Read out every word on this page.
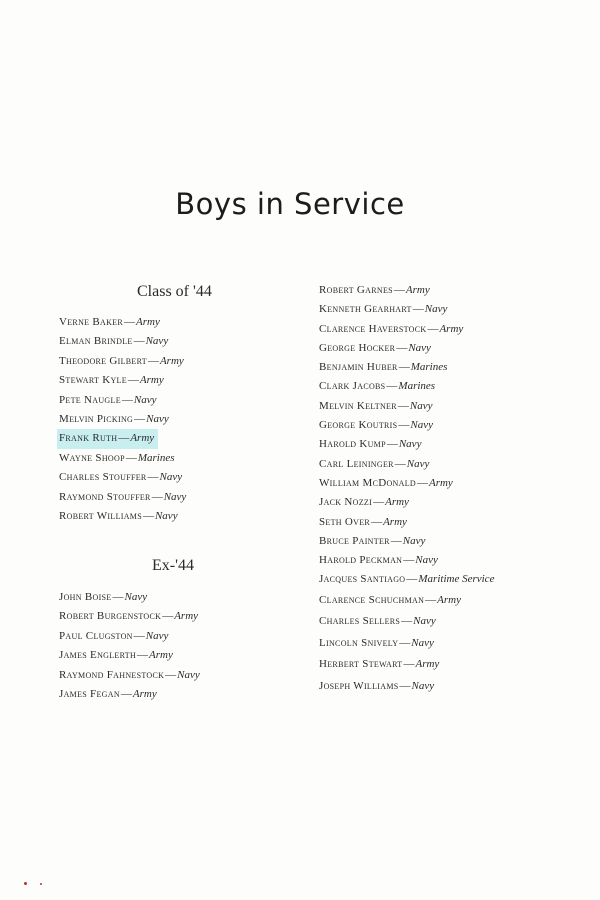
Boys in Service
Class of '44
Verne Baker—Army
Elman Brindle—Navy
Theodore Gilbert—Army
Stewart Kyle—Army
Pete Naugle—Navy
Melvin Picking—Navy
Frank Ruth—Army
Wayne Shoop—Marines
Charles Stouffer—Navy
Raymond Stouffer—Navy
Robert Williams—Navy
Ex-'44
John Boise—Navy
Robert Burgenstock—Army
Paul Clugston—Navy
James Englerth—Army
Raymond Fahnestock—Navy
James Fegan—Army
Robert Garnes—Army
Kenneth Gearhart—Navy
Clarence Haverstock—Army
George Hocker—Navy
Benjamin Huber—Marines
Clark Jacobs—Marines
Melvin Keltner—Navy
George Koutris—Navy
Harold Kump—Navy
Carl Leininger—Navy
William McDonald—Army
Jack Nozzi—Army
Seth Over—Army
Bruce Painter—Navy
Harold Peckman—Navy
Jacques Santiago—Maritime Service
Clarence Schuchman—Army
Charles Sellers—Navy
Lincoln Snively—Navy
Herbert Stewart—Army
Joseph Williams—Navy
